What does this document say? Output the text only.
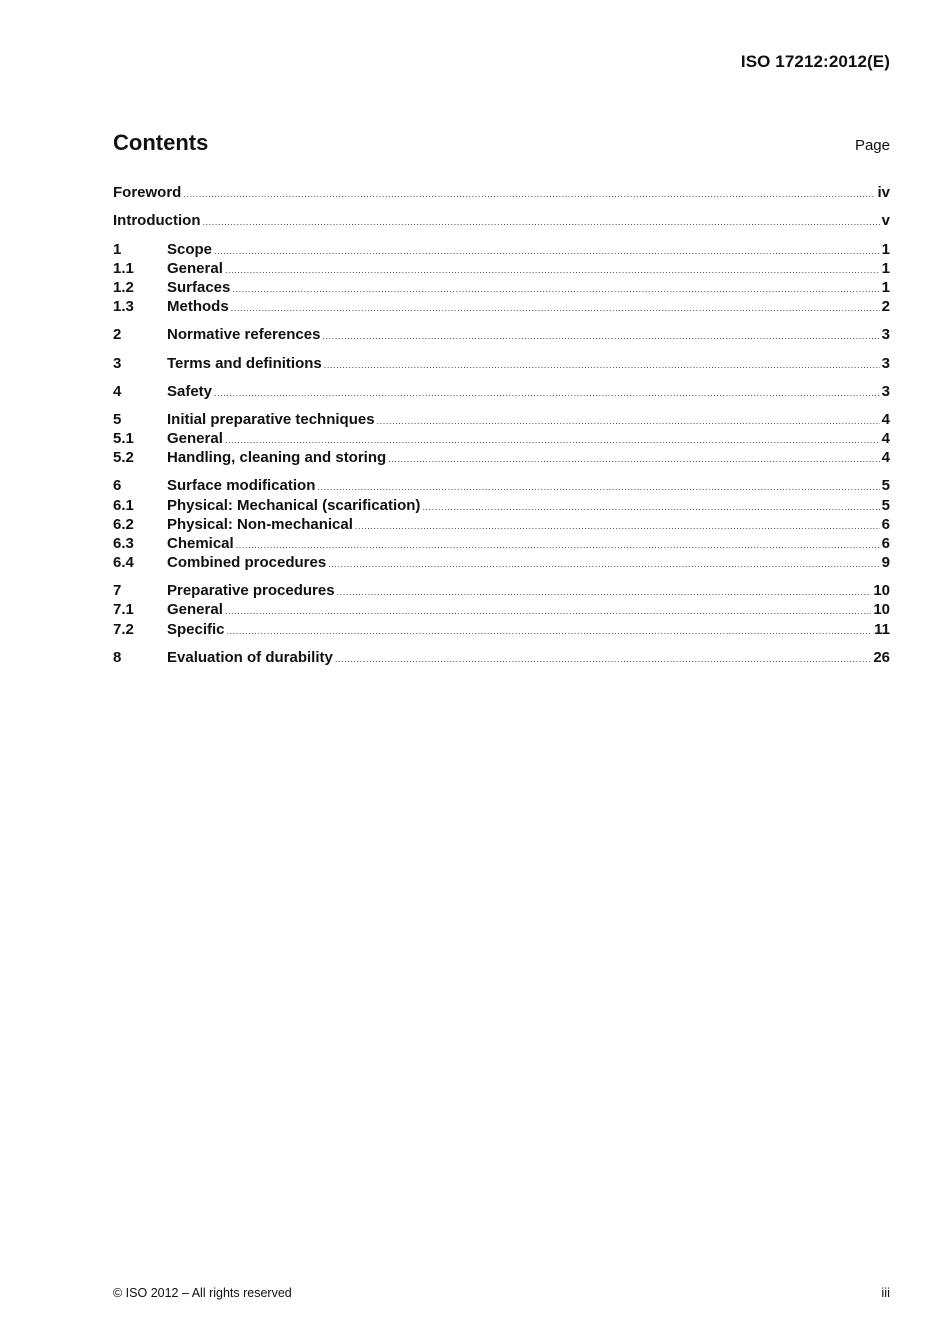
ISO 17212:2012(E)
Contents	Page
Foreword .....	iv
Introduction .....	v
1	Scope .....	1
1.1	General .....	1
1.2	Surfaces .....	1
1.3	Methods .....	2
2	Normative references .....	3
3	Terms and definitions .....	3
4	Safety .....	3
5	Initial preparative techniques .....	4
5.1	General .....	4
5.2	Handling, cleaning and storing .....	4
6	Surface modification .....	5
6.1	Physical: Mechanical (scarification) .....	5
6.2	Physical: Non-mechanical .....	6
6.3	Chemical .....	6
6.4	Combined procedures .....	9
7	Preparative procedures .....	10
7.1	General .....	10
7.2	Specific .....	11
8	Evaluation of durability .....	26
© ISO 2012 – All rights reserved	iii
